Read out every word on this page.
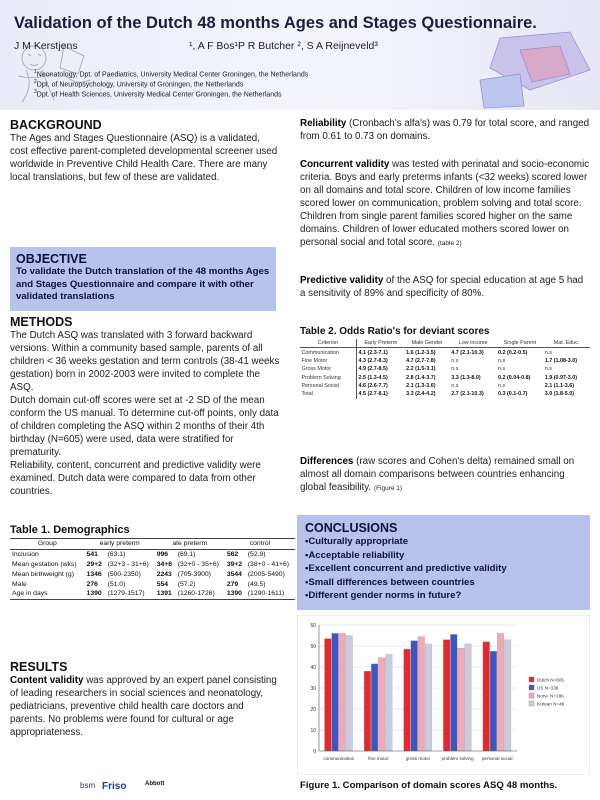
Validation of the Dutch 48 months Ages and Stages Questionnaire.
J M Kerstjens	¹, A F Bos¹P R Butcher ², S A Reijneveld³
$^1$Neonatology, Dpt. of Paediatrics, University Medical Center Groningen, the Netherlands
$^2$Dpt. of Neuropsychology, University of Groningen, the Netherlands
$^3$Dpt. of Health Sciences, University Medical Center Groningen, the Netherlands
BACKGROUND

The Ages and Stages Questionnaire (ASQ) is a validated, cost effective parent-completed developmental screener used worldwide in Preventive Child Health Care. There are many local translations, but few of these are validated.

OBJECTIVE

To validate the Dutch translation of the 48 months Ages and Stages Questionnaire and compare it with other validated translations

METHODS

The Dutch ASQ was translated with 3 forward backward versions. Within a community based sample, parents of all children < 36 weeks gestation and term controls (38-41 weeks gestation) born in 2002-2003 were invited to complete the ASQ.

Dutch domain cut-off scores were set at -2 SD of the mean conform the US manual. To determine cut-off points, only data of children completing the ASQ within 2 months of their 4th birthday (N=605) were used, data were stratified for prematurity.

Reliability, content, concurrent and predictive validity were examined. Dutch data were compared to data from other countries.

Table 1. Demographics
Group	early preterm		ate preterm		control	
Inclusion	541	(63.1)	996	(69.1)	562	(52.9)
Mean gestation (wks)	29+2	(32+3 - 31+6)	34+6	(32+0 - 35+6)	39+2	(38+0 - 41+6)
Mean birthweight (g)	1346	(500-2350)	2243	(705-3900)	3544	(2005-5490)
Male	276	(51.0)	554	(57.2)	279	(49.5)
Age in days	1390	(1279-1517)	1391	(1260-1726)	1390	(1290-1611)
RESULTS

Content validity was approved by an expert panel consisting of leading researchers in social sciences and neonatology, pediatricians, preventive child health care doctors and parents. No problems were found for cultural or age appropriateness.

bsm Friso	Abbott

Reliability (Cronbach's alfa's) was 0.79 for total score, and ranged from 0.61 to 0.73 on domains.

Concurrent validity was tested with perinatal and socio-economic criteria. Boys and early preterms infants (<32 weeks) scored lower on all domains and total score. Children of low income families scored lower on communication, problem solving and total score. Children from single parent families scored higher on the same domains. Children of lower educated mothers scored lower on personal social and total score. (table 2)

Predictive validity of the ASQ for special education at age 5 had a sensitivity of 89% and specificity of 80%.

Table 2. Odds Ratio's for deviant scores
Criterion	Early Preterm	Male Gender	Low income	Single Parent	Mat. Educ.
Communication	4.1 (2.3-7.1)	1.6 (1.2-3.5)	4.7 (2.1-10.3)	0.2 (0.2-0.5)	n.s
Fine Motor	4.3 (2.7-8.3)	4.7 (2.7-7.8)	n.s	n.s	1.7 (1.08-3.0)
Gross Motor	4.9 (2.7-8.5)	2.2 (1.5-3.1)	n.s	n.s	n.s
Problem Solving	2.5 (1.3-4.5)	2.8 (1.4-3.7)	3.3 (1.3-8.0)	0.2 (0.04-0.8)	1.9 (0.97-3.0)
Personal Social	4.6 (2.6-7.7)	2.1 (1.3-3.6)	n.s	n.s	2.1 (1.1-3.6)
Total	4.5 (2.7-8.1)	3.3 (2.4-4.2)	2.7 (2.1-10.3)	0.3 (0.1-0.7)	3.0 (1.8-5.0)

Differences (raw scores and Cohen's delta) remained small on almost all domain comparisons between countries enhancing global feasibility. (Figure 1)

CONCLUSIONS
•Culturally appropriate
•Acceptable reliability
•Excellent concurrent and predictive validity
•Small differences between countries
•Different gender norms in future?
0
10
20
30
40
50
60
communication	fine motor	gross motor problem solving personal social
Dutch N=605
US N=338
Norw. N=186
Korean N=46

Figure 1. Comparison of domain scores ASQ 48 months.
